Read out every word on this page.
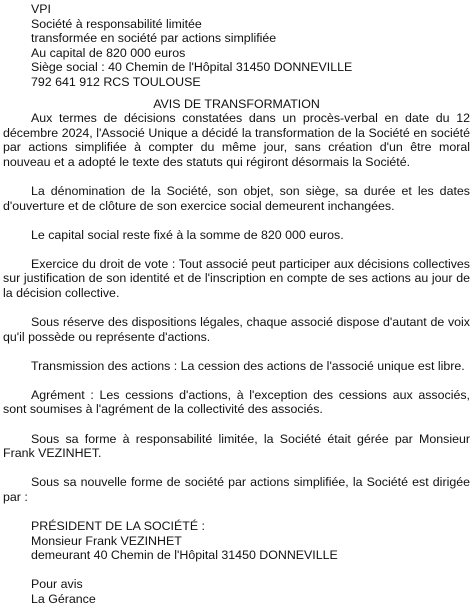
VPI
Société à responsabilité limitée
transformée en société par actions simplifiée
Au capital de 820 000 euros
Siège social : 40 Chemin de l'Hôpital 31450 DONNEVILLE
792 641 912 RCS TOULOUSE
AVIS DE TRANSFORMATION

Aux termes de décisions constatées dans un procès-verbal en date du 12 décembre 2024, l'Associé Unique a décidé la transformation de la Société en société par actions simplifiée à compter du même jour, sans création d'un être moral nouveau et a adopté le texte des statuts qui régiront désormais la Société.

La dénomination de la Société, son objet, son siège, sa durée et les dates d'ouverture et de clôture de son exercice social demeurent inchangées.

Le capital social reste fixé à la somme de 820 000 euros.

Exercice du droit de vote : Tout associé peut participer aux décisions collectives sur justification de son identité et de l'inscription en compte de ses actions au jour de la décision collective.

Sous réserve des dispositions légales, chaque associé dispose d'autant de voix qu'il possède ou représente d'actions.

Transmission des actions : La cession des actions de l'associé unique est libre.

Agrément : Les cessions d'actions, à l'exception des cessions aux associés, sont soumises à l'agrément de la collectivité des associés.

Sous sa forme à responsabilité limitée, la Société était gérée par Monsieur Frank VEZINHET.

Sous sa nouvelle forme de société par actions simplifiée, la Société est dirigée par :

PRÉSIDENT DE LA SOCIÉTÉ :
Monsieur Frank VEZINHET
demeurant 40 Chemin de l'Hôpital 31450 DONNEVILLE
Pour avis
La Gérance
